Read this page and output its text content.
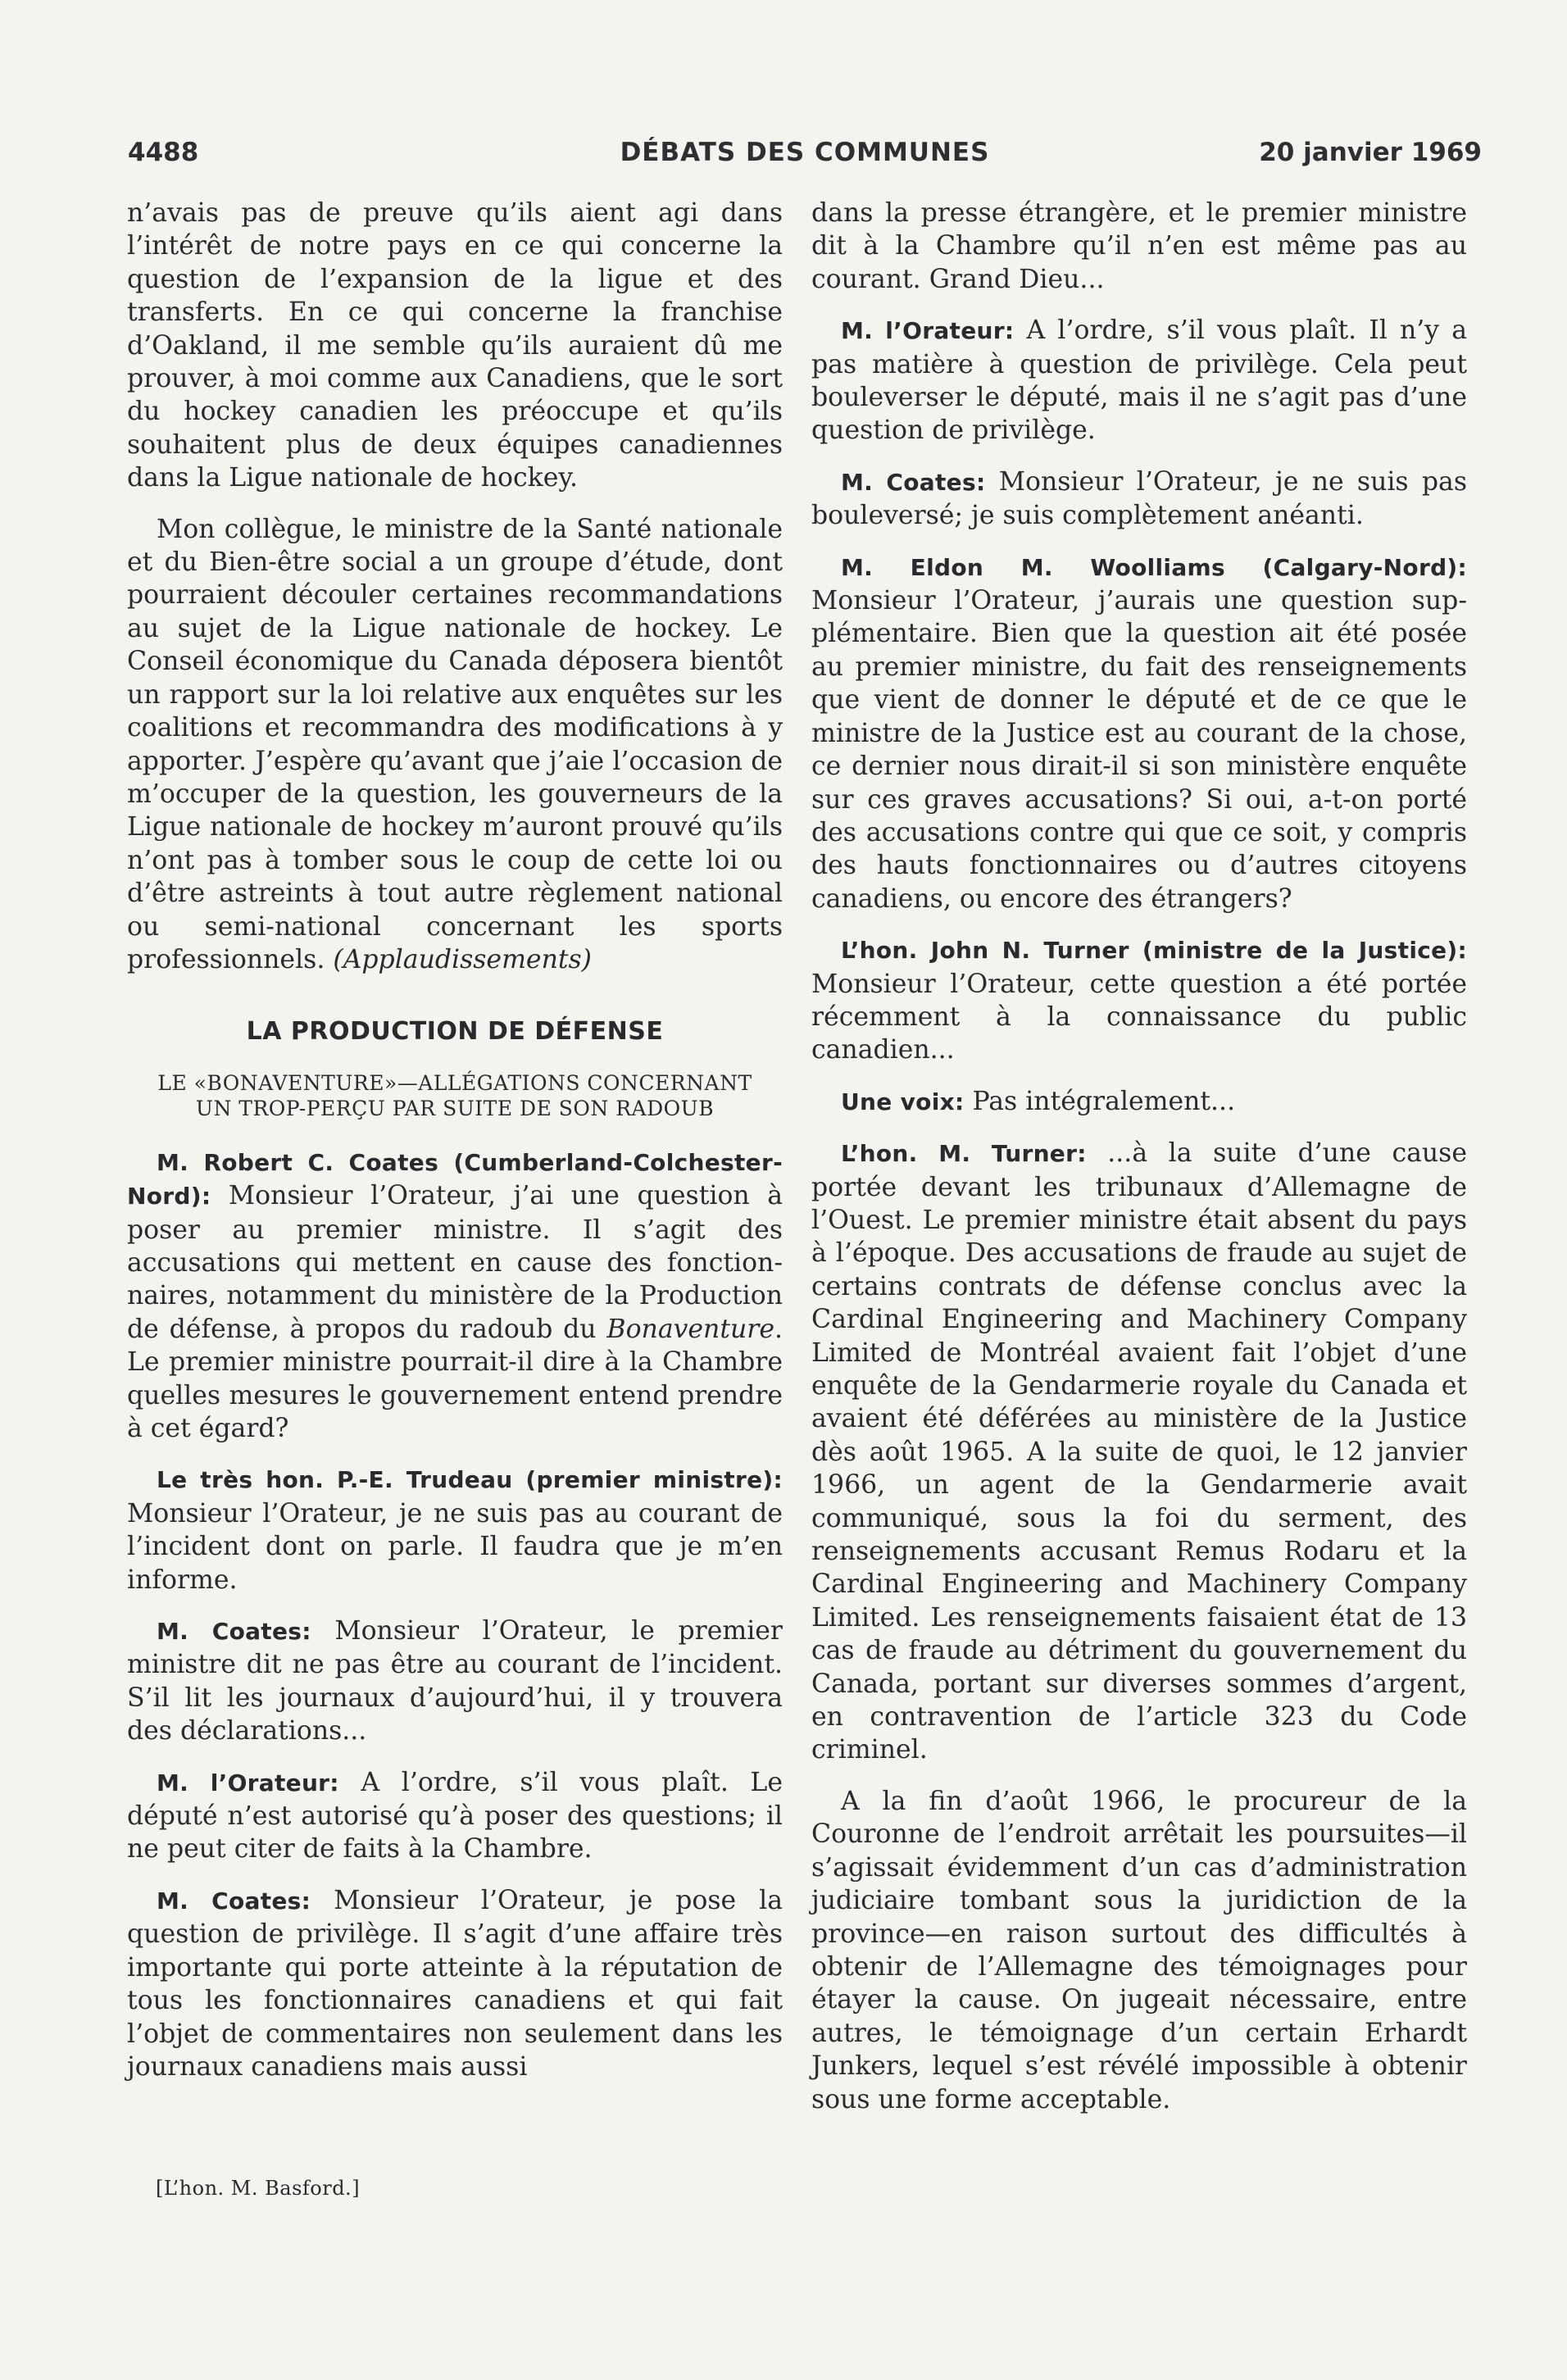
4488	DÉBATS DES COMMUNES	20 janvier 1969

n’avais pas de preuve qu’ils aient agi dans l’intérêt de notre pays en ce qui concerne la question de l’expansion de la ligue et des transferts. En ce qui concerne la franchise d’Oakland, il me semble qu’ils auraient dû me prouver, à moi comme aux Canadiens, que le sort du hockey canadien les préoccupe et qu’ils souhaitent plus de deux équipes canadiennes dans la Ligue nationale de hockey.

Mon collègue, le ministre de la Santé nationale et du Bien-être social a un groupe d’étude, dont pourraient découler certaines recommandations au sujet de la Ligue nationale de hockey. Le Conseil économique du Canada déposera bientôt un rapport sur la loi relative aux enquêtes sur les coalitions et recommandra des modifications à y apporter. J’espère qu’avant que j’aie l’occasion de m’occuper de la question, les gouverneurs de la Ligue nationale de hockey m’auront prouvé qu’ils n’ont pas à tomber sous le coup de cette loi ou d’être astreints à tout autre règlement national ou semi-national concernant les sports professionnels. (Applaudissements)

LA PRODUCTION DE DÉFENSE
LE «BONAVENTURE»—ALLÉGATIONS CONCERNANT UN TROP-PERÇU PAR SUITE DE SON RADOUB

M. Robert C. Coates (Cumberland-Colchester-Nord): Monsieur l’Orateur, j’ai une question à poser au premier ministre. Il s’agit des accusations qui mettent en cause des fonctionnaires, notamment du ministère de la Production de défense, à propos du radoub du Bonaventure. Le premier ministre pourrait-il dire à la Chambre quelles mesures le gouvernement entend prendre à cet égard?

Le très hon. P.-E. Trudeau (premier ministre): Monsieur l’Orateur, je ne suis pas au courant de l’incident dont on parle. Il faudra que je m’en informe.

M. Coates: Monsieur l’Orateur, le premier ministre dit ne pas être au courant de l’incident. S’il lit les journaux d’aujourd’hui, il y trouvera des déclarations...

M. l’Orateur: A l’ordre, s’il vous plaît. Le député n’est autorisé qu’à poser des questions; il ne peut citer de faits à la Chambre.

M. Coates: Monsieur l’Orateur, je pose la question de privilège. Il s’agit d’une affaire très importante qui porte atteinte à la réputation de tous les fonctionnaires canadiens et qui fait l’objet de commentaires non seulement dans les journaux canadiens mais aussi

dans la presse étrangère, et le premier ministre dit à la Chambre qu’il n’en est même pas au courant. Grand Dieu...

M. l’Orateur: A l’ordre, s’il vous plaît. Il n’y a pas matière à question de privilège. Cela peut bouleverser le député, mais il ne s’agit pas d’une question de privilège.

M. Coates: Monsieur l’Orateur, je ne suis pas bouleversé; je suis complètement anéanti.

M. Eldon M. Woolliams (Calgary-Nord): Monsieur l’Orateur, j’aurais une question supplémentaire. Bien que la question ait été posée au premier ministre, du fait des renseignements que vient de donner le député et de ce que le ministre de la Justice est au courant de la chose, ce dernier nous dirait-il si son ministère enquête sur ces graves accusations? Si oui, a-t-on porté des accusations contre qui que ce soit, y compris des hauts fonctionnaires ou d’autres citoyens canadiens, ou encore des étrangers?

L’hon. John N. Turner (ministre de la Justice): Monsieur l’Orateur, cette question a été portée récemment à la connaissance du public canadien...

Une voix: Pas intégralement...

L’hon. M. Turner: ...à la suite d’une cause portée devant les tribunaux d’Allemagne de l’Ouest. Le premier ministre était absent du pays à l’époque. Des accusations de fraude au sujet de certains contrats de défense conclus avec la Cardinal Engineering and Machinery Company Limited de Montréal avaient fait l’objet d’une enquête de la Gendarmerie royale du Canada et avaient été déférées au ministère de la Justice dès août 1965. A la suite de quoi, le 12 janvier 1966, un agent de la Gendarmerie avait communiqué, sous la foi du serment, des renseignements accusant Remus Rodaru et la Cardinal Engineering and Machinery Company Limited. Les renseignements faisaient état de 13 cas de fraude au détriment du gouvernement du Canada, portant sur diverses sommes d’argent, en contravention de l’article 323 du Code criminel.

A la fin d’août 1966, le procureur de la Couronne de l’endroit arrêtait les poursuites—il s’agissait évidemment d’un cas d’administration judiciaire tombant sous la juridiction de la province—en raison surtout des difficultés à obtenir de l’Allemagne des témoignages pour étayer la cause. On jugeait nécessaire, entre autres, le témoignage d’un certain Erhardt Junkers, lequel s’est révélé impossible à obtenir sous une forme acceptable.

[L’hon. M. Basford.]
